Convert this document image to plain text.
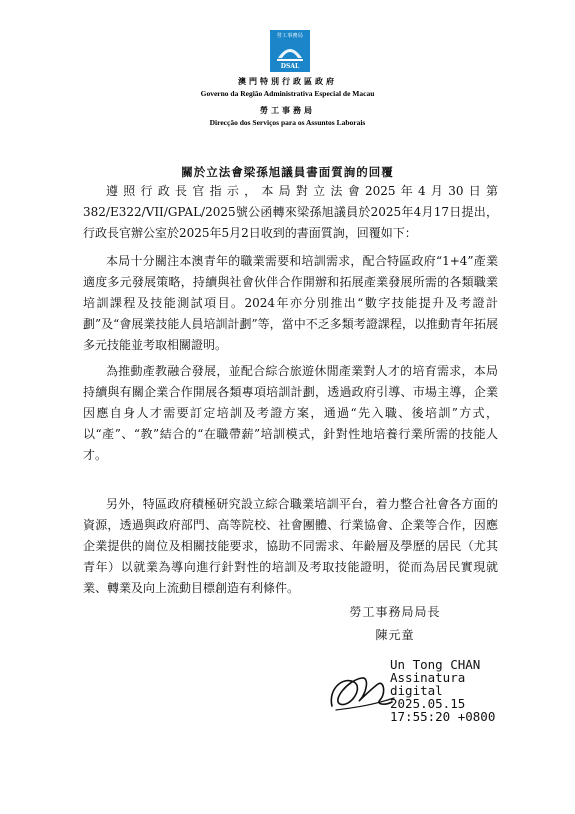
勞工事務局
DSAL
澳門特別行政區政府
Governo da Região Administrativa Especial de Macau
勞工事務局
Direcção dos Serviços para os Assuntos Laborais
關於立法會梁孫旭議員書面質詢的回覆
遵照行政長官指示，本局對立法會2025年4月30日第382/E322/VII/GPAL/2025號公函轉來梁孫旭議員於2025年4月17日提出，行政長官辦公室於2025年5月2日收到的書面質詢，回覆如下：
本局十分關注本澳青年的職業需要和培訓需求，配合特區政府“1+4”產業適度多元發展策略，持續與社會伙伴合作開辦和拓展產業發展所需的各類職業培訓課程及技能測試項目。2024年亦分別推出“數字技能提升及考證計劃”及“會展業技能人員培訓計劃”等，當中不乏多類考證課程，以推動青年拓展多元技能並考取相關證明。
為推動產教融合發展，並配合綜合旅遊休閒產業對人才的培育需求，本局持續與有關企業合作開展各類專項培訓計劃，透過政府引導、市場主導，企業因應自身人才需要訂定培訓及考證方案，通過“先入職、後培訓”方式，以“產”、“教”結合的“在職帶薪”培訓模式，針對性地培養行業所需的技能人才。
另外，特區政府積極研究設立綜合職業培訓平台，着力整合社會各方面的資源，透過與政府部門、高等院校、社會團體、行業協會、企業等合作，因應企業提供的崗位及相關技能要求，協助不同需求、年齡層及學歷的居民（尤其青年）以就業為導向進行針對性的培訓及考取技能證明，從而為居民實現就業、轉業及向上流動目標創造有利條件。
勞工事務局局長
陳元童
Un Tong CHAN
Assinatura
digital
2025.05.15
17:55:20 +0800
